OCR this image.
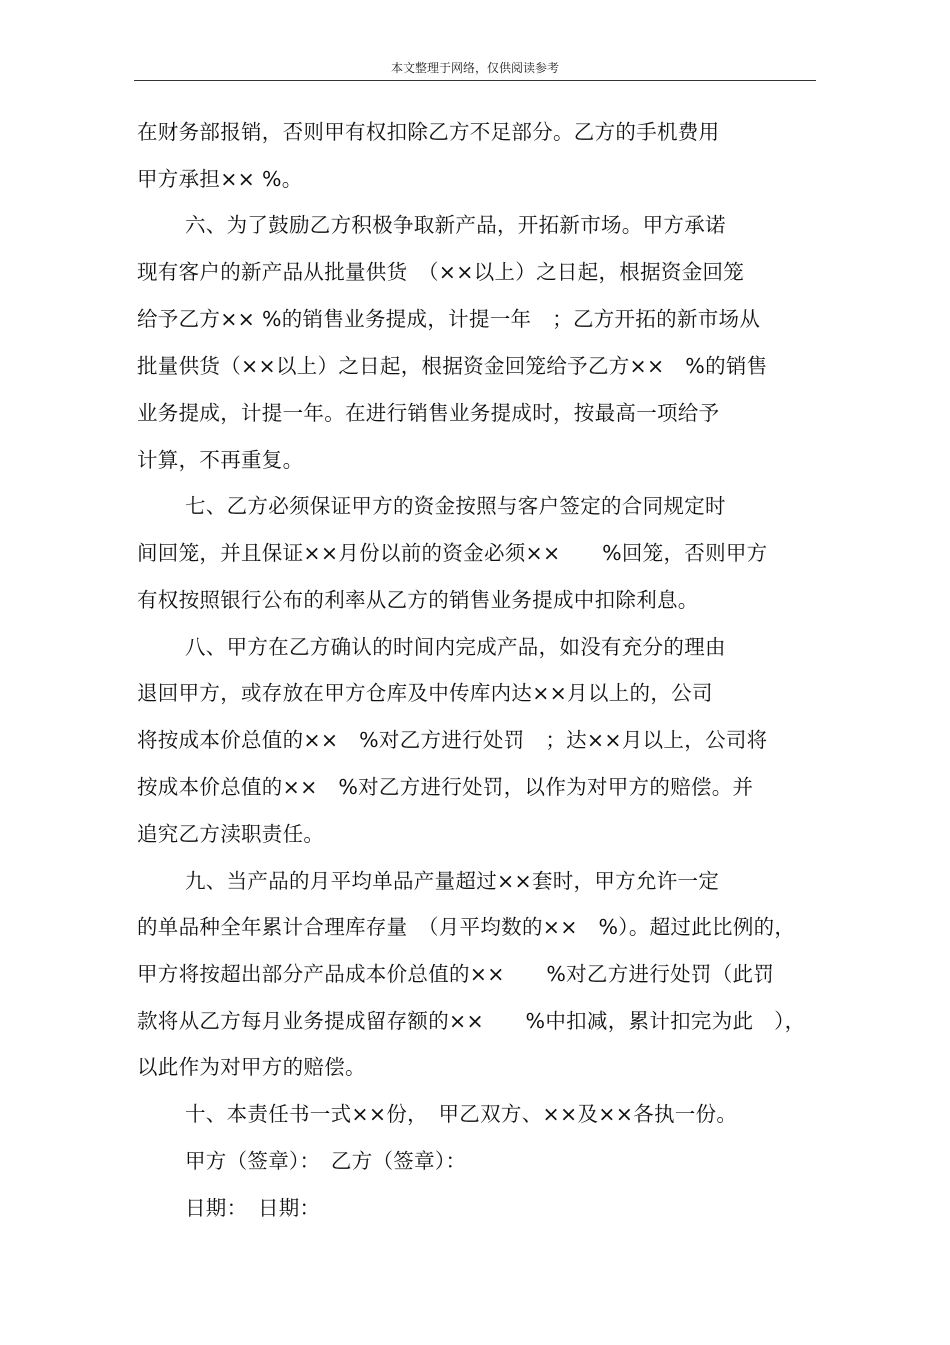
本文整理于网络，仅供阅读参考
在财务部报销，否则甲有权扣除乙方不足部分。乙方的手机费用
甲方承担×× %。
六、为了鼓励乙方积极争取新产品，开拓新市场。甲方承诺
现有客户的新产品从批量供货　（××以上）之日起，根据资金回笼
给予乙方×× %的销售业务提成，计提一年　；乙方开拓的新市场从
批量供货（××以上）之日起，根据资金回笼给予乙方××　%的销售
业务提成，计提一年。在进行销售业务提成时，按最高一项给予
计算，不再重复。
七、乙方必须保证甲方的资金按照与客户签定的合同规定时
间回笼，并且保证××月份以前的资金必须××　　%回笼，否则甲方
有权按照银行公布的利率从乙方的销售业务提成中扣除利息。
八、甲方在乙方确认的时间内完成产品，如没有充分的理由
退回甲方，或存放在甲方仓库及中传库内达××月以上的，公司
将按成本价总值的××　%对乙方进行处罚　；达××月以上，公司将
按成本价总值的××　%对乙方进行处罚，以作为对甲方的赔偿。并
追究乙方渎职责任。
九、当产品的月平均单品产量超过××套时，甲方允许一定
的单品种全年累计合理库存量　（月平均数的××　%）。超过此比例的，
甲方将按超出部分产品成本价总值的××　　%对乙方进行处罚（此罚
款将从乙方每月业务提成留存额的××　　%中扣减，累计扣完为此　），
以此作为对甲方的赔偿。
十、本责任书一式××份，　甲乙双方、××及××各执一份。
甲方（签章）：　乙方（签章）：
日期：　日期：
